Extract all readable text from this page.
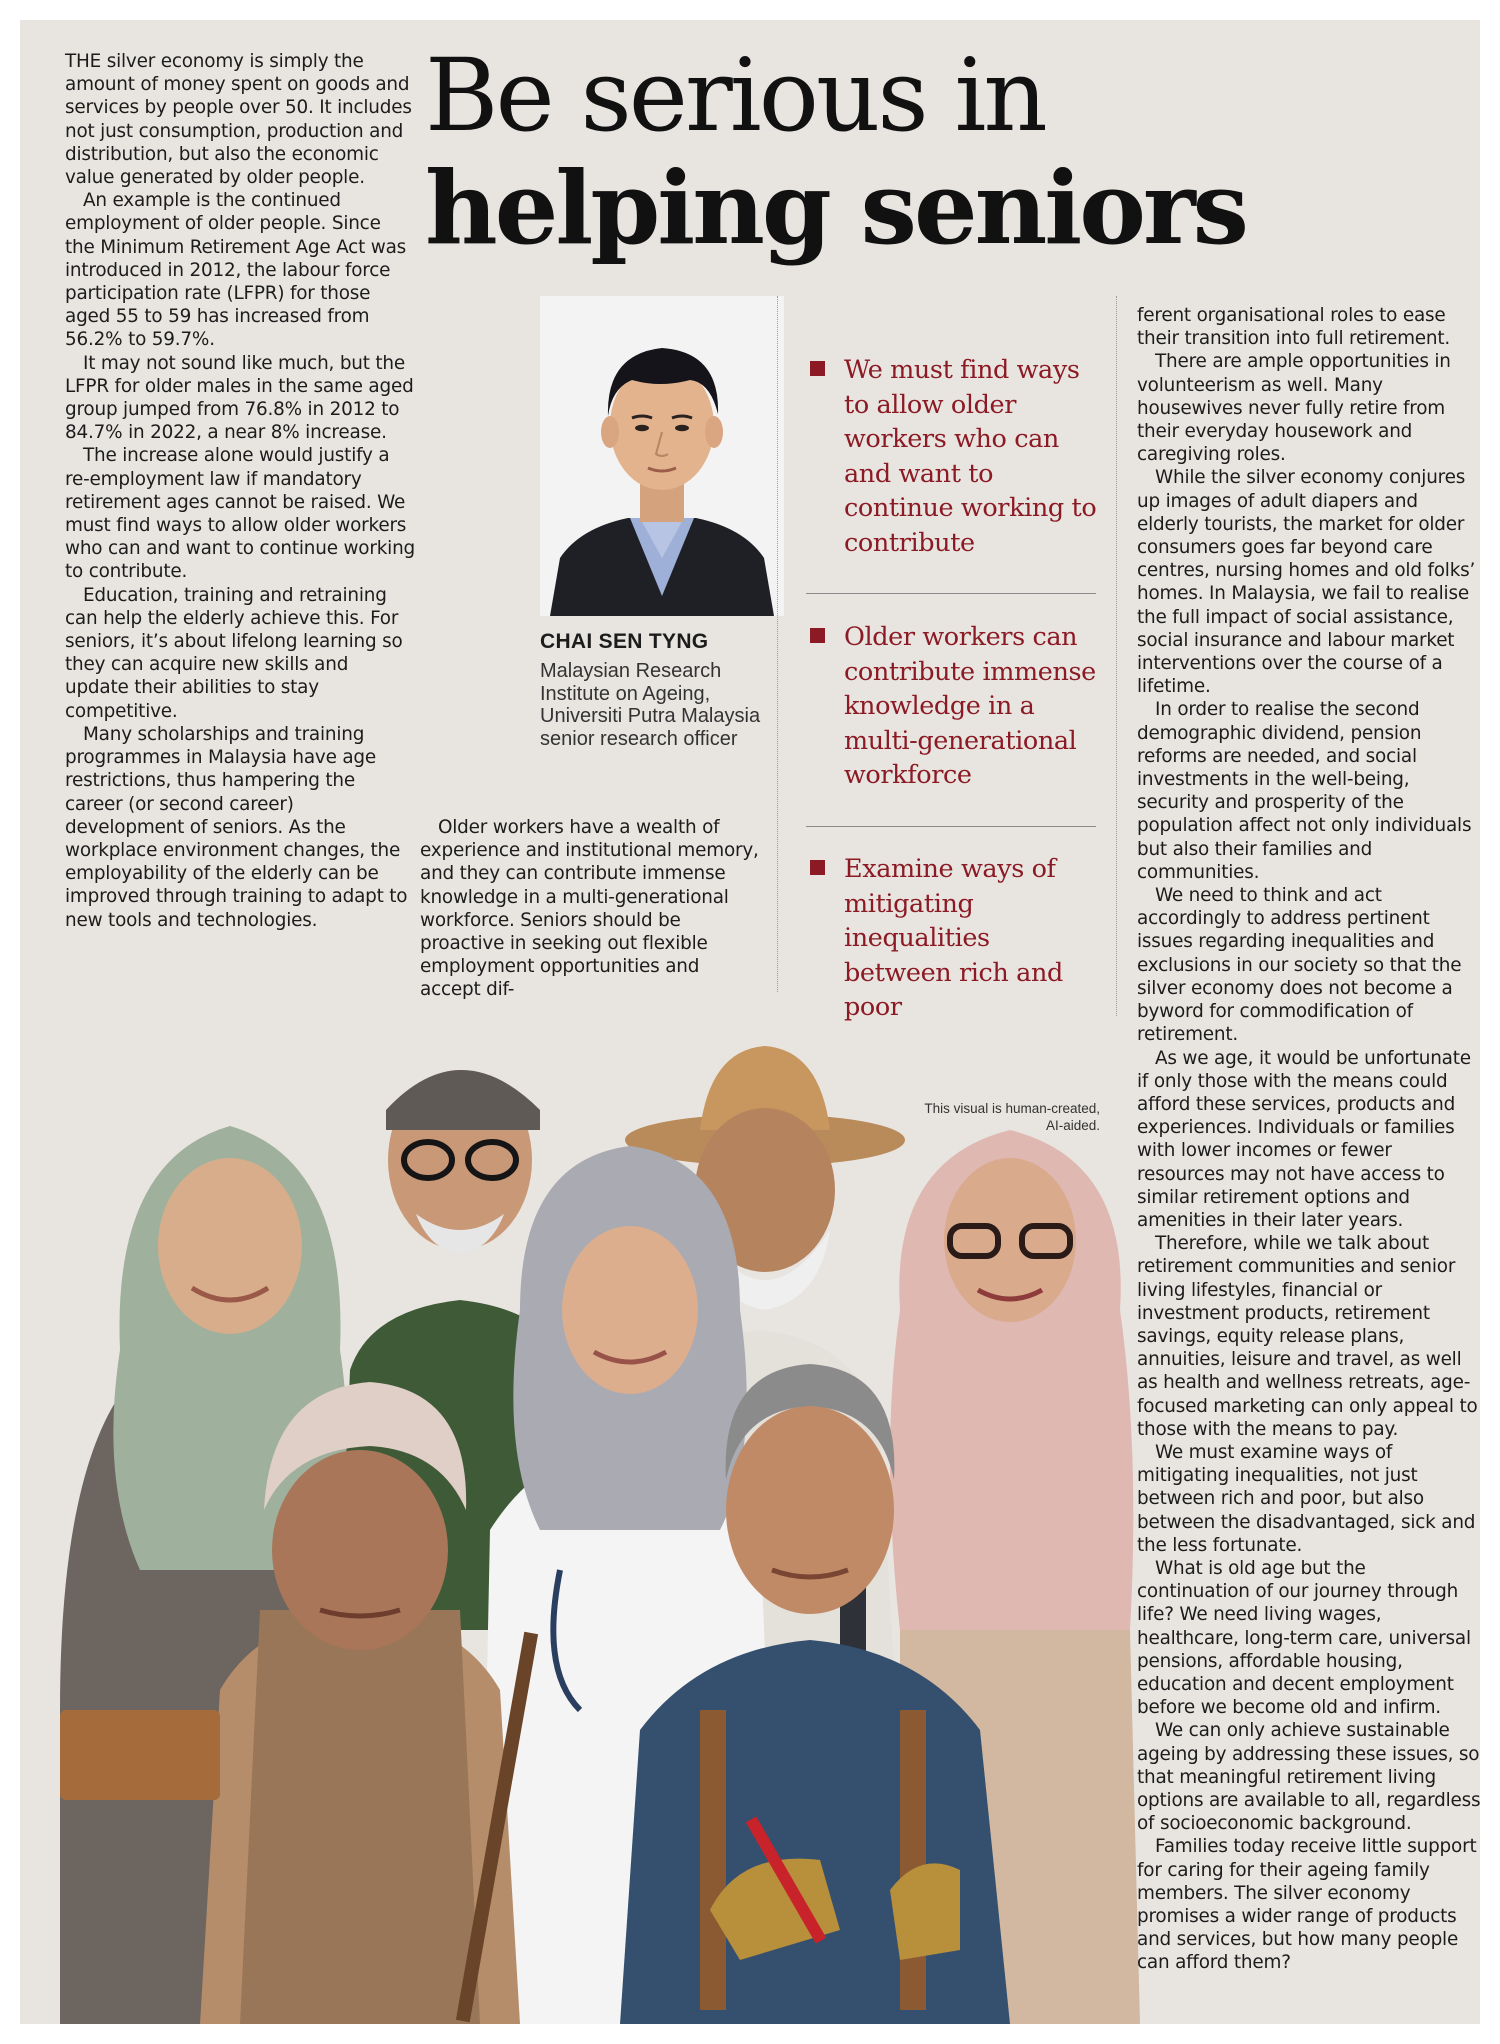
THE silver economy is simply the amount of money spent on goods and services by people over 50. It includes not just consumption, production and distribution, but also the economic value generated by older people.

An example is the continued employment of older people. Since the Minimum Retirement Age Act was introduced in 2012, the labour force participation rate (LFPR) for those aged 55 to 59 has increased from 56.2% to 59.7%.

It may not sound like much, but the LFPR for older males in the same aged group jumped from 76.8% in 2012 to 84.7% in 2022, a near 8% increase.

The increase alone would justify a re-employment law if mandatory retirement ages cannot be raised. We must find ways to allow older workers who can and want to continue working to contribute.

Education, training and retraining can help the elderly achieve this. For seniors, it’s about lifelong learning so they can acquire new skills and update their abilities to stay competitive.

Many scholarships and training programmes in Malaysia have age restrictions, thus hampering the career (or second career) development of seniors. As the workplace environment changes, the employability of the elderly can be improved through training to adapt to new tools and technologies.

Be serious in
helping seniors
CHAI SEN TYNG
Malaysian Research Institute on Ageing, Universiti Putra Malaysia senior research officer

Older workers have a wealth of experience and institutional memory, and they can contribute immense knowledge in a multi-generational workforce. Seniors should be proactive in seeking out flexible employment opportunities and accept dif-

We must find ways to allow older workers who can and want to continue working to contribute
Older workers can contribute immense knowledge in a multi-generational workforce
Examine ways of mitigating inequalities between rich and poor
This visual is human-created, AI-aided.

ferent organisational roles to ease their transition into full retirement.

There are ample opportunities in volunteerism as well. Many housewives never fully retire from their everyday housework and caregiving roles.

While the silver economy conjures up images of adult diapers and elderly tourists, the market for older consumers goes far beyond care centres, nursing homes and old folks’ homes. In Malaysia, we fail to realise the full impact of social assistance, social insurance and labour market interventions over the course of a lifetime.

In order to realise the second demographic dividend, pension reforms are needed, and social investments in the well-being, security and prosperity of the population affect not only individuals but also their families and communities.

We need to think and act accordingly to address pertinent issues regarding inequalities and exclusions in our society so that the silver economy does not become a byword for commodification of retirement.

As we age, it would be unfortunate if only those with the means could afford these services, products and experiences. Individuals or families with lower incomes or fewer resources may not have access to similar retirement options and amenities in their later years.

Therefore, while we talk about retirement communities and senior living lifestyles, financial or investment products, retirement savings, equity release plans, annuities, leisure and travel, as well as health and wellness retreats, age-focused marketing can only appeal to those with the means to pay.

We must examine ways of mitigating inequalities, not just between rich and poor, but also between the disadvantaged, sick and the less fortunate.

What is old age but the continuation of our journey through life? We need living wages, healthcare, long-term care, universal pensions, affordable housing, education and decent employment before we become old and infirm.

We can only achieve sustainable ageing by addressing these issues, so that meaningful retirement living options are available to all, regardless of socioeconomic background.

Families today receive little support for caring for their ageing family members. The silver economy promises a wider range of products and services, but how many people can afford them?
